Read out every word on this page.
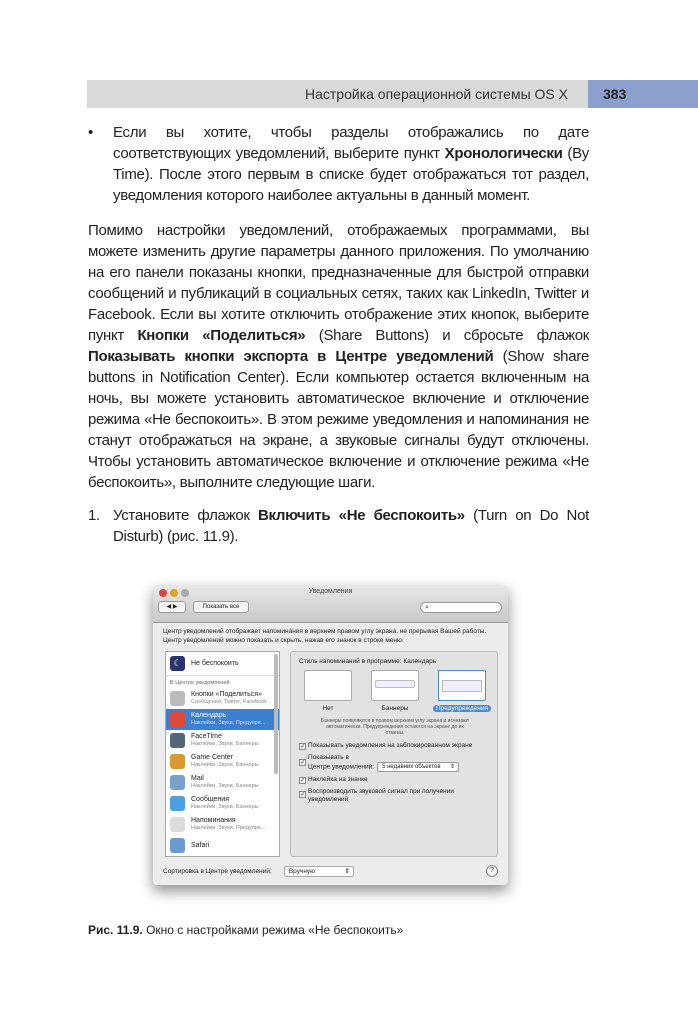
Настройка операционной системы OS X	383
• Если вы хотите, чтобы разделы отображались по дате соответствующих уведомлений, выберите пункт Хронологически (By Time). После этого первым в списке будет отображаться тот раздел, уведомления которого наиболее актуальны в данный момент.
Помимо настройки уведомлений, отображаемых программами, вы можете изменить другие параметры данного приложения. По умолчанию на его панели показаны кнопки, предназначенные для быстрой отправки сообщений и публикаций в социальных сетях, таких как LinkedIn, Twitter и Facebook. Если вы хотите отключить отображение этих кнопок, выберите пункт Кнопки «Поделиться» (Share Buttons) и сбросьте флажок Показывать кнопки экспорта в Центре уведомлений (Show share buttons in Notification Center). Если компьютер остается включенным на ночь, вы можете установить автоматическое включение и отключение режима «Не беспокоить». В этом режиме уведомления и напоминания не станут отображаться на экране, а звуковые сигналы будут отключены. Чтобы установить автоматическое включение и отключение режима «Не беспокоить», выполните следующие шаги.
1. Установите флажок Включить «Не беспокоить» (Turn on Do Not Disturb) (рис. 11.9).
Уведомления
◀ ▶	Показать все	⌕
Центр уведомлений отображает напоминания в верхнем правом углу экрана, не прерывая Вашей работы. Центр уведомлений можно показать и скрыть, нажав его значок в строке меню.
☾	Не беспокоить
В Центре уведомлений
Кнопки «Поделиться»
Сообщения, Twitter, Facebook
Календарь
Наклейки, Звуки, Предупре...
FaceTime
Наклейки, Звуки, Баннеры
Game Center
Наклейки, Звуки, Баннеры
Mail
Наклейки, Звуки, Баннеры
Сообщения
Наклейки, Звуки, Баннеры
Напоминания
Наклейки, Звуки, Предупре...
Safari
Стиль напоминаний в программе: Календарь
Нет	Баннеры	Предупреждения
Баннеры появляются в правом верхнем углу экрана и исчезают автоматически. Предупреждения остаются на экране до их отмены.
✓ Показывать уведомления на заблокированном экране
✓
Показывать в
Центре уведомлений: 5 недавних объектов ⇕
✓ Наклейка на значке
✓ Воспроизводить звуковой сигнал при получении уведомлений
Сортировка в Центре уведомлений:	Вручную	⇕	?
Рис. 11.9. Окно с настройками режима «Не беспокоить»
